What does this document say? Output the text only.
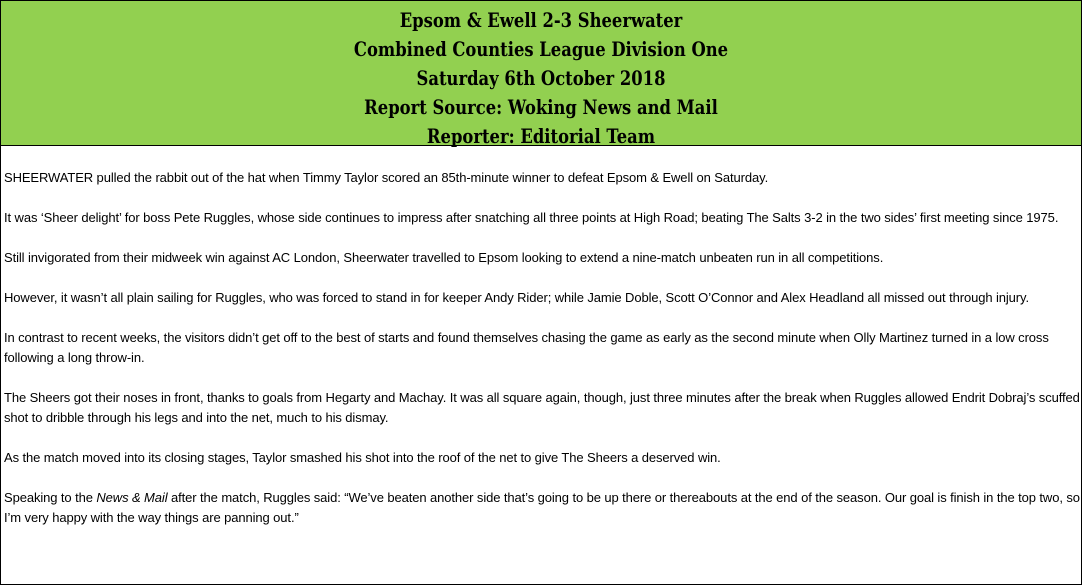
Epsom & Ewell 2-3 Sheerwater
Combined Counties League Division One
Saturday 6th October 2018
Report Source: Woking News and Mail
Reporter: Editorial Team

SHEERWATER pulled the rabbit out of the hat when Timmy Taylor scored an 85th-minute winner to defeat Epsom & Ewell on Saturday.

It was ‘Sheer delight’ for boss Pete Ruggles, whose side continues to impress after snatching all three points at High Road; beating The Salts 3-2 in the two sides’ first meeting since 1975.

Still invigorated from their midweek win against AC London, Sheerwater travelled to Epsom looking to extend a nine-match unbeaten run in all competitions.

However, it wasn’t all plain sailing for Ruggles, who was forced to stand in for keeper Andy Rider; while Jamie Doble, Scott O’Connor and Alex Headland all missed out through injury.

In contrast to recent weeks, the visitors didn’t get off to the best of starts and found themselves chasing the game as early as the second minute when Olly Martinez turned in a low cross following a long throw-in.

The Sheers got their noses in front, thanks to goals from Hegarty and Machay. It was all square again, though, just three minutes after the break when Ruggles allowed Endrit Dobraj’s scuffed shot to dribble through his legs and into the net, much to his dismay.

As the match moved into its closing stages, Taylor smashed his shot into the roof of the net to give The Sheers a deserved win.

Speaking to the News & Mail after the match, Ruggles said: “We’ve beaten another side that’s going to be up there or thereabouts at the end of the season. Our goal is finish in the top two, so I’m very happy with the way things are panning out.”
